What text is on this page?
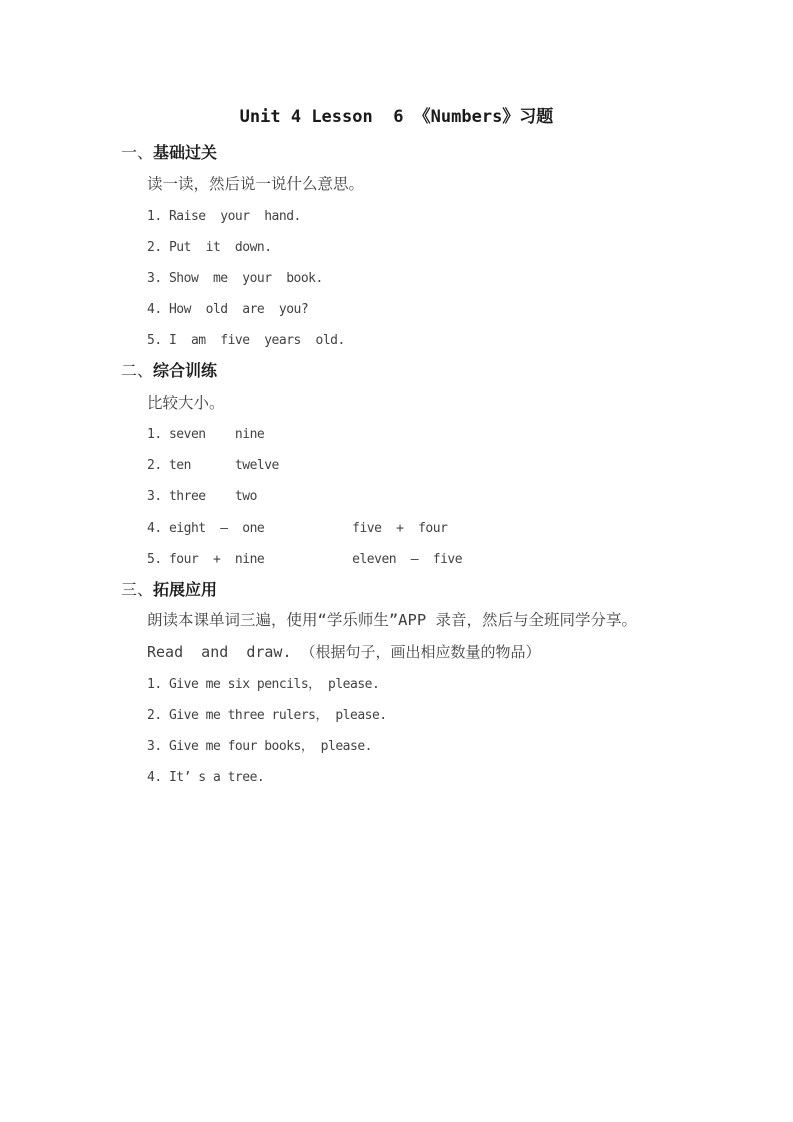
Unit 4 Lesson  6 《Numbers》习题
一、基础过关
读一读，然后说一说什么意思。
1. Raise  your  hand.
2. Put  it  down.
3. Show  me  your  book.
4. How  old  are  you?
5. I  am  five  years  old.
二、综合训练
比较大小。
1. seven    nine
2. ten      twelve
3. three    two
4. eight  —  one            five  +  four
5. four  +  nine            eleven  –  five
三、拓展应用
朗读本课单词三遍，使用“学乐师生”APP 录音，然后与全班同学分享。
Read  and  draw. （根据句子，画出相应数量的物品）
1. Give me six pencils， please.
2. Give me three rulers， please.
3. Give me four books， please.
4. It’ s a tree.
